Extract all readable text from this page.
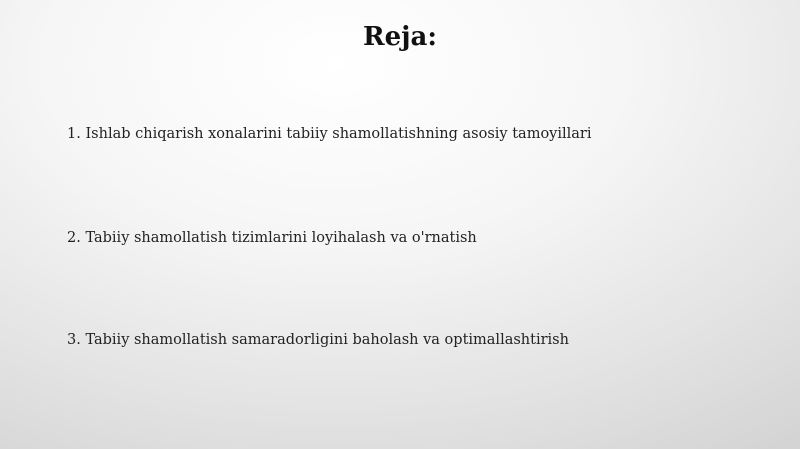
Reja:

1. Ishlab chiqarish xonalarini tabiiy shamollatishning asosiy tamoyillari

2. Tabiiy shamollatish tizimlarini loyihalash va o'rnatish

3. Tabiiy shamollatish samaradorligini baholash va optimallashtirish
